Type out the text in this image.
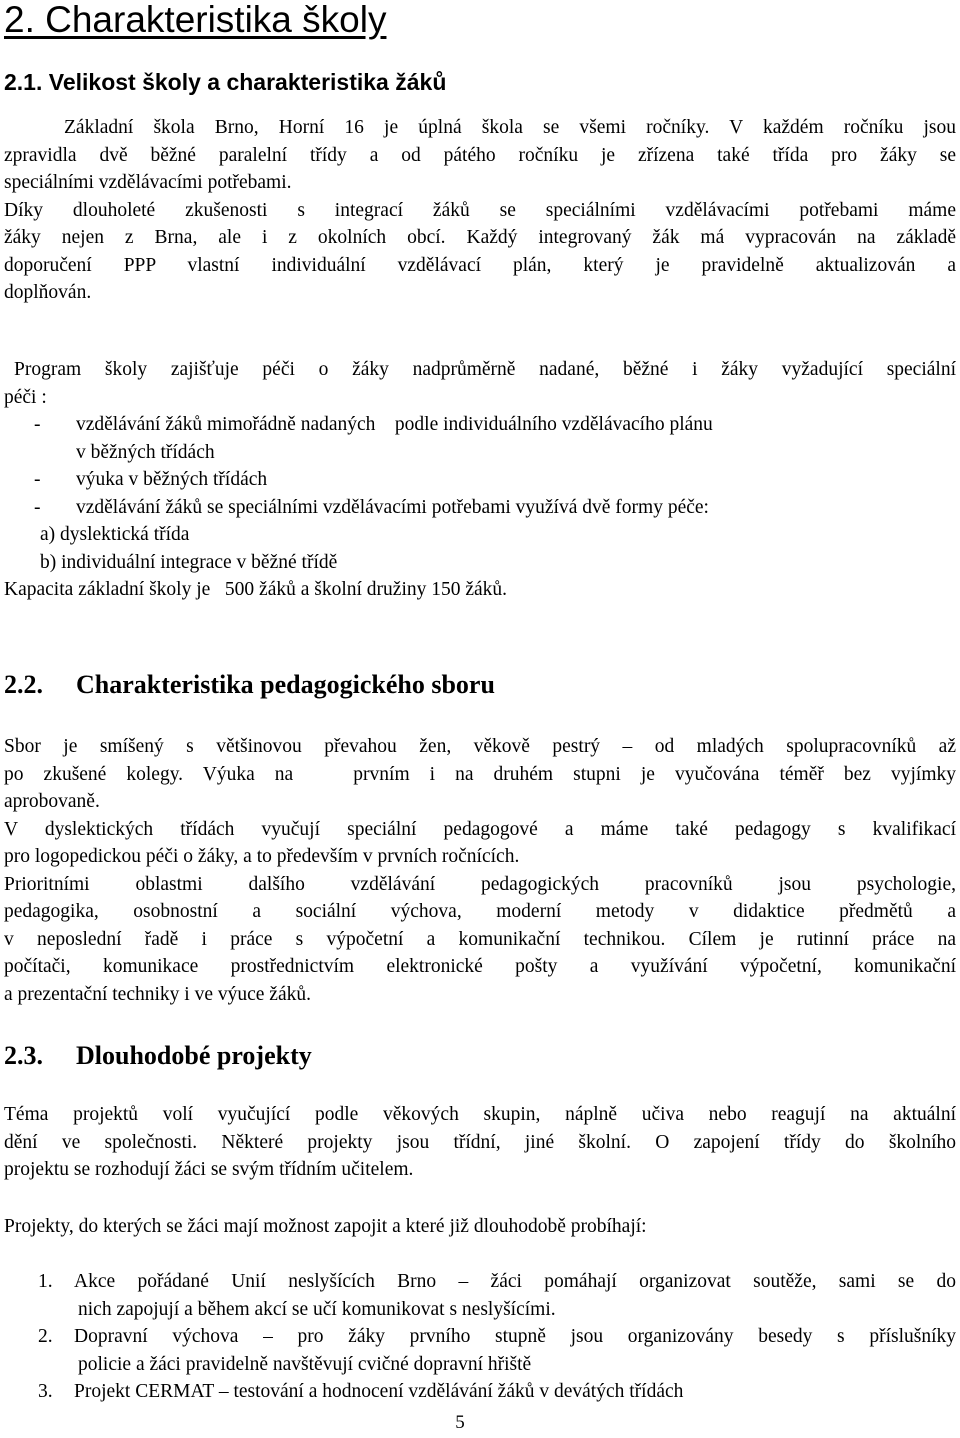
2. Charakteristika školy
2.1. Velikost školy a charakteristika žáků
Základní škola Brno, Horní 16 je úplná škola se všemi ročníky. V každém ročníku jsou
zpravidla dvě běžné paralelní třídy a od pátého ročníku je zřízena také třída pro žáky se
speciálními vzdělávacími potřebami.
Díky dlouholeté zkušenosti s integrací žáků se speciálními vzdělávacími potřebami máme
žáky nejen z Brna, ale i z okolních obcí. Každý integrovaný žák má vypracován na základě
doporučení PPP vlastní individuální vzdělávací plán, který je pravidelně aktualizován a
doplňován.
Program školy zajišťuje péči o žáky nadprůměrně nadané, běžné i žáky vyžadující speciální
péči :
- vzdělávání žáků mimořádně nadaných    podle individuálního vzdělávacího plánu
v běžných třídách
- výuka v běžných třídách
- vzdělávání žáků se speciálními vzdělávacími potřebami využívá dvě formy péče:
a) dyslektická třída
b) individuální integrace v běžné třídě
Kapacita základní školy je   500 žáků a školní družiny 150 žáků.
2.2. Charakteristika pedagogického sboru
Sbor je smíšený s většinovou převahou žen, věkově pestrý – od mladých spolupracovníků až
po zkušené kolegy. Výuka na   prvním i na druhém stupni je vyučována téměř bez vyjímky
aprobovaně.
V dyslektických třídách vyučují speciální pedagogové a máme také pedagogy s kvalifikací
pro logopedickou péči o žáky, a to především v prvních ročnících.
Prioritními oblastmi dalšího vzdělávání pedagogických pracovníků jsou psychologie,
pedagogika, osobnostní a sociální výchova, moderní metody v didaktice předmětů a
v neposlední řadě i práce s výpočetní a komunikační technikou. Cílem je rutinní práce na
počítači, komunikace prostřednictvím elektronické pošty a využívání výpočetní, komunikační
a prezentační techniky i ve výuce žáků.
2.3. Dlouhodobé projekty
Téma projektů volí vyučující podle věkových skupin, náplně učiva nebo reagují na aktuální
dění ve společnosti. Některé projekty jsou třídní, jiné školní. O zapojení třídy do školního
projektu se rozhodují žáci se svým třídním učitelem.
Projekty, do kterých se žáci mají možnost zapojit a které již dlouhodobě probíhají:
1. Akce pořádané Unií neslyšících Brno – žáci pomáhají organizovat soutěže, sami se do
nich zapojují a během akcí se učí komunikovat s neslyšícími.
2. Dopravní výchova – pro žáky prvního stupně jsou organizovány besedy s příslušníky
policie a žáci pravidelně navštěvují cvičné dopravní hřiště
3. Projekt CERMAT – testování a hodnocení vzdělávání žáků v devátých třídách
5
